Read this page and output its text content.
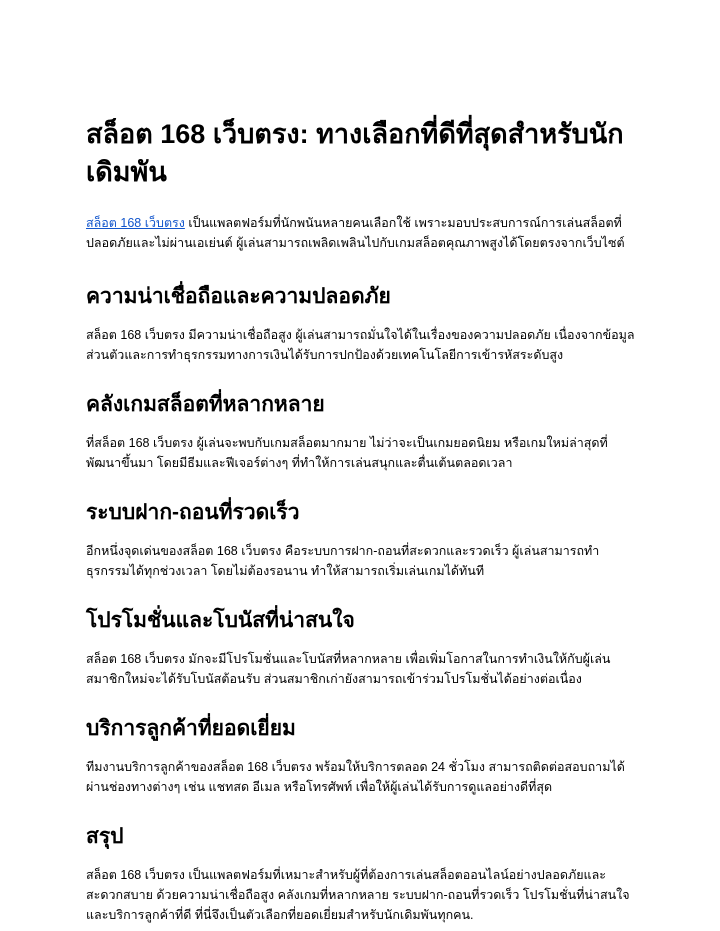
สล็อต 168 เว็บตรง: ทางเลือกที่ดีที่สุดสำหรับนักเดิมพัน

สล็อต 168 เว็บตรง เป็นแพลตฟอร์มที่นักพนันหลายคนเลือกใช้ เพราะมอบประสบการณ์การเล่นสล็อตที่ปลอดภัยและไม่ผ่านเอเย่นต์ ผู้เล่นสามารถเพลิดเพลินไปกับเกมสล็อตคุณภาพสูงได้โดยตรงจากเว็บไซต์

ความน่าเชื่อถือและความปลอดภัย

สล็อต 168 เว็บตรง มีความน่าเชื่อถือสูง ผู้เล่นสามารถมั่นใจได้ในเรื่องของความปลอดภัย เนื่องจากข้อมูลส่วนตัวและการทำธุรกรรมทางการเงินได้รับการปกป้องด้วยเทคโนโลยีการเข้ารหัสระดับสูง

คลังเกมสล็อตที่หลากหลาย

ที่สล็อต 168 เว็บตรง ผู้เล่นจะพบกับเกมสล็อตมากมาย ไม่ว่าจะเป็นเกมยอดนิยม หรือเกมใหม่ล่าสุดที่พัฒนาขึ้นมา โดยมีธีมและฟีเจอร์ต่างๆ ที่ทำให้การเล่นสนุกและตื่นเต้นตลอดเวลา

ระบบฝาก-ถอนที่รวดเร็ว

อีกหนึ่งจุดเด่นของสล็อต 168 เว็บตรง คือระบบการฝาก-ถอนที่สะดวกและรวดเร็ว ผู้เล่นสามารถทำธุรกรรมได้ทุกช่วงเวลา โดยไม่ต้องรอนาน ทำให้สามารถเริ่มเล่นเกมได้ทันที

โปรโมชั่นและโบนัสที่น่าสนใจ

สล็อต 168 เว็บตรง มักจะมีโปรโมชั่นและโบนัสที่หลากหลาย เพื่อเพิ่มโอกาสในการทำเงินให้กับผู้เล่นสมาชิกใหม่จะได้รับโบนัสต้อนรับ ส่วนสมาชิกเก่ายังสามารถเข้าร่วมโปรโมชั่นได้อย่างต่อเนื่อง

บริการลูกค้าที่ยอดเยี่ยม

ทีมงานบริการลูกค้าของสล็อต 168 เว็บตรง พร้อมให้บริการตลอด 24 ชั่วโมง สามารถติดต่อสอบถามได้ผ่านช่องทางต่างๆ เช่น แชทสด อีเมล หรือโทรศัพท์ เพื่อให้ผู้เล่นได้รับการดูแลอย่างดีที่สุด

สรุป

สล็อต 168 เว็บตรง เป็นแพลตฟอร์มที่เหมาะสำหรับผู้ที่ต้องการเล่นสล็อตออนไลน์อย่างปลอดภัยและสะดวกสบาย ด้วยความน่าเชื่อถือสูง คลังเกมที่หลากหลาย ระบบฝาก-ถอนที่รวดเร็ว โปรโมชั่นที่น่าสนใจ และบริการลูกค้าที่ดี ที่นี่จึงเป็นตัวเลือกที่ยอดเยี่ยมสำหรับนักเดิมพันทุกคน.
